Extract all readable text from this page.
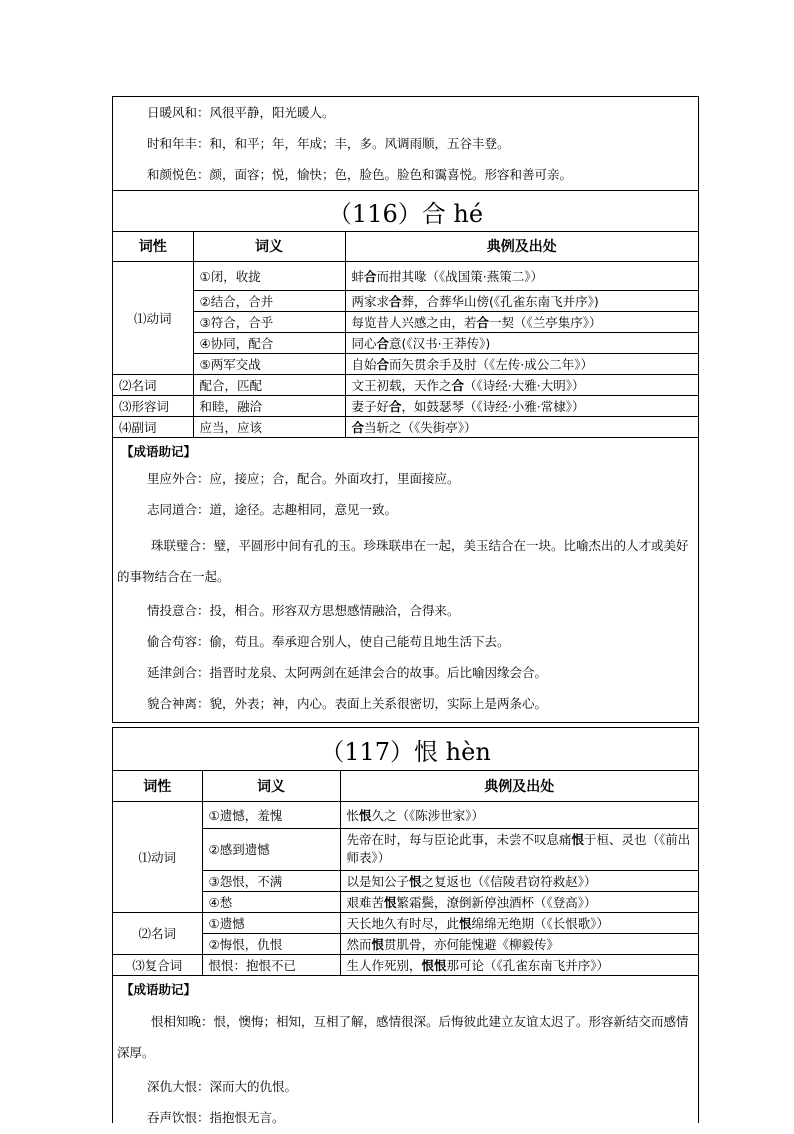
日暖风和：风很平静，阳光暖人。
时和年丰：和，和平；年，年成；丰，多。风调雨顺，五谷丰登。
和颜悦色：颜，面容；悦，愉快；色，脸色。脸色和霭喜悦。形容和善可亲。
（116）合 hé
词性	词义	典例及出处
⑴动词	①闭，收拢	蚌合而拑其喙（《战国策·燕策二》）
	②结合，合并	两家求合葬，合葬华山傍(《孔雀东南飞并序》)
	③符合，合乎	每览昔人兴感之由，若合一契（《兰亭集序》）
	④协同，配合	同心合意(《汉书·王莽传》)
	⑤两军交战	自始合而矢贯余手及肘（《左传·成公二年》）
⑵名词	配合，匹配	文王初载，天作之合（《诗经·大雅·大明》）
⑶形容词	和睦，融洽	妻子好合，如鼓瑟琴（《诗经·小雅·常棣》）
⑷副词	应当，应该	合当斩之（《失街亭》）
【成语助记】
里应外合：应，接应；合，配合。外面攻打，里面接应。
志同道合：道，途径。志趣相同，意见一致。
珠联璧合：璧，平圆形中间有孔的玉。珍珠联串在一起，美玉结合在一块。比喻杰出的人才或美好的事物结合在一起。
情投意合：投，相合。形容双方思想感情融洽，合得来。
偷合苟容：偷，苟且。奉承迎合别人，使自己能苟且地生活下去。
延津剑合：指晋时龙泉、太阿两剑在延津会合的故事。后比喻因缘会合。
貌合神离：貌，外表；神，内心。表面上关系很密切，实际上是两条心。
（117）恨 hèn
词性	词义	典例及出处
⑴动词	①遗憾，羞愧	怅恨久之（《陈涉世家》）
	②感到遗憾	先帝在时，每与臣论此事，未尝不叹息痛恨于桓、灵也（《前出师表》）
	③怨恨，不满	以是知公子恨之复返也（《信陵君窃符救赵》）
	④愁	艰难苦恨繁霜鬓，潦倒新停浊酒杯（《登高》）
⑵名词	①遗憾	天长地久有时尽，此恨绵绵无绝期（《长恨歌》）
	②悔恨，仇恨	然而恨贯肌骨，亦何能愧避《柳毅传》
⑶复合词	恨恨：抱恨不已	生人作死别，恨恨那可论（《孔雀东南飞并序》）
【成语助记】
恨相知晚：恨，懊悔；相知，互相了解，感情很深。后悔彼此建立友谊太迟了。形容新结交而感情深厚。
深仇大恨：深而大的仇恨。
吞声饮恨：指抱恨无言。
